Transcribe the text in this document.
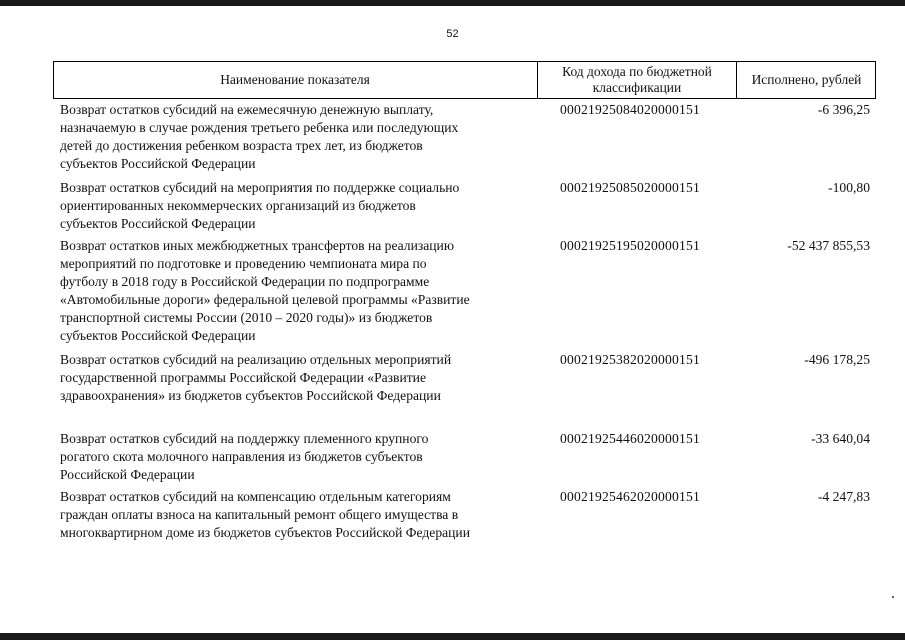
52
Наименование показателя
Код дохода по бюджетной классификации
Исполнено, рублей
Возврат остатков субсидий на ежемесячную денежную выплату,
назначаемую в случае рождения третьего ребенка или последующих
детей до достижения ребенком возраста трех лет, из бюджетов
субъектов Российской Федерации
00021925084020000151	-6 396,25
Возврат остатков субсидий на мероприятия по поддержке социально
ориентированных некоммерческих организаций из бюджетов
субъектов Российской Федерации
00021925085020000151	-100,80
Возврат остатков иных межбюджетных трансфертов на реализацию
мероприятий по подготовке и проведению чемпионата мира по
футболу в 2018 году в Российской Федерации по подпрограмме
«Автомобильные дороги» федеральной целевой программы «Развитие
транспортной системы России (2010 – 2020 годы)» из бюджетов
субъектов Российской Федерации
00021925195020000151	-52 437 855,53
Возврат остатков субсидий на реализацию отдельных мероприятий
государственной программы Российской Федерации «Развитие
здравоохранения» из бюджетов субъектов Российской Федерации
00021925382020000151	-496 178,25
Возврат остатков субсидий на поддержку племенного крупного
рогатого скота молочного направления из бюджетов субъектов
Российской Федерации
00021925446020000151	-33 640,04
Возврат остатков субсидий на компенсацию отдельным категориям
граждан оплаты взноса на капитальный ремонт общего имущества в
многоквартирном доме из бюджетов субъектов Российской Федерации
00021925462020000151	-4 247,83
